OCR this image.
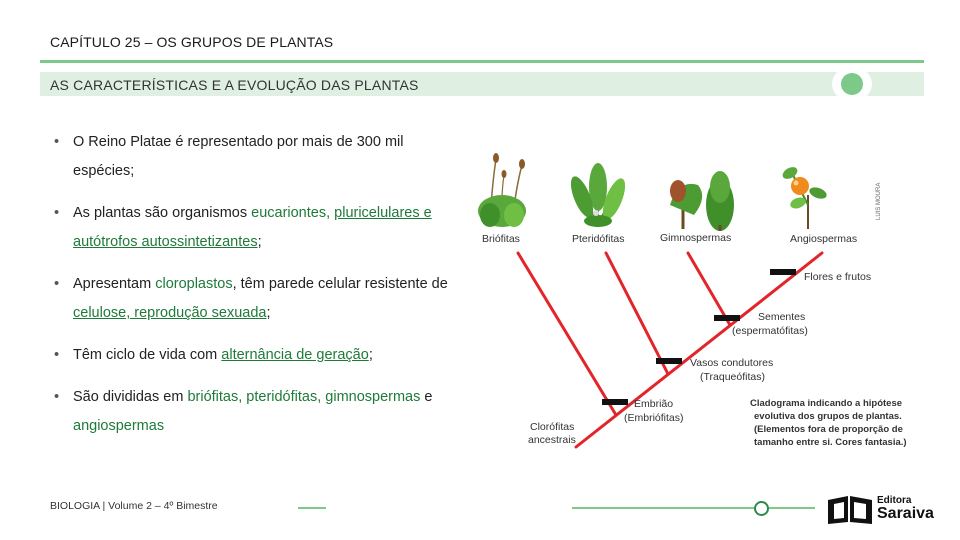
CAPÍTULO 25 – OS GRUPOS DE PLANTAS
AS CARACTERÍSTICAS E A EVOLUÇÃO DAS PLANTAS
• O Reino Platae é representado por mais de 300 mil espécies;
• As plantas são organismos eucariontes, pluricelulares e autótrofos autossintetizantes;
• Apresentam cloroplastos, têm parede celular resistente de celulose, reprodução sexuada;
• Têm ciclo de vida com alternância de geração;
• São divididas em briófitas, pteridófitas, gimnospermas e angiospermas
LUIS MOURA
Briófitas	Pteridófitas	Gimnospermas	Angiospermas
Flores e frutos
Sementes
(espermatófitas)
Vasos condutores
(Traqueófitas)
Embrião
(Embriófitas)
Clorófitas
ancestrais
Cladograma indicando a hipótese
evolutiva dos grupos de plantas.
(Elementos fora de proporção de
tamanho entre si. Cores fantasia.)
BIOLOGIA | Volume 2 – 4º Bimestre	Editora
Saraiva
